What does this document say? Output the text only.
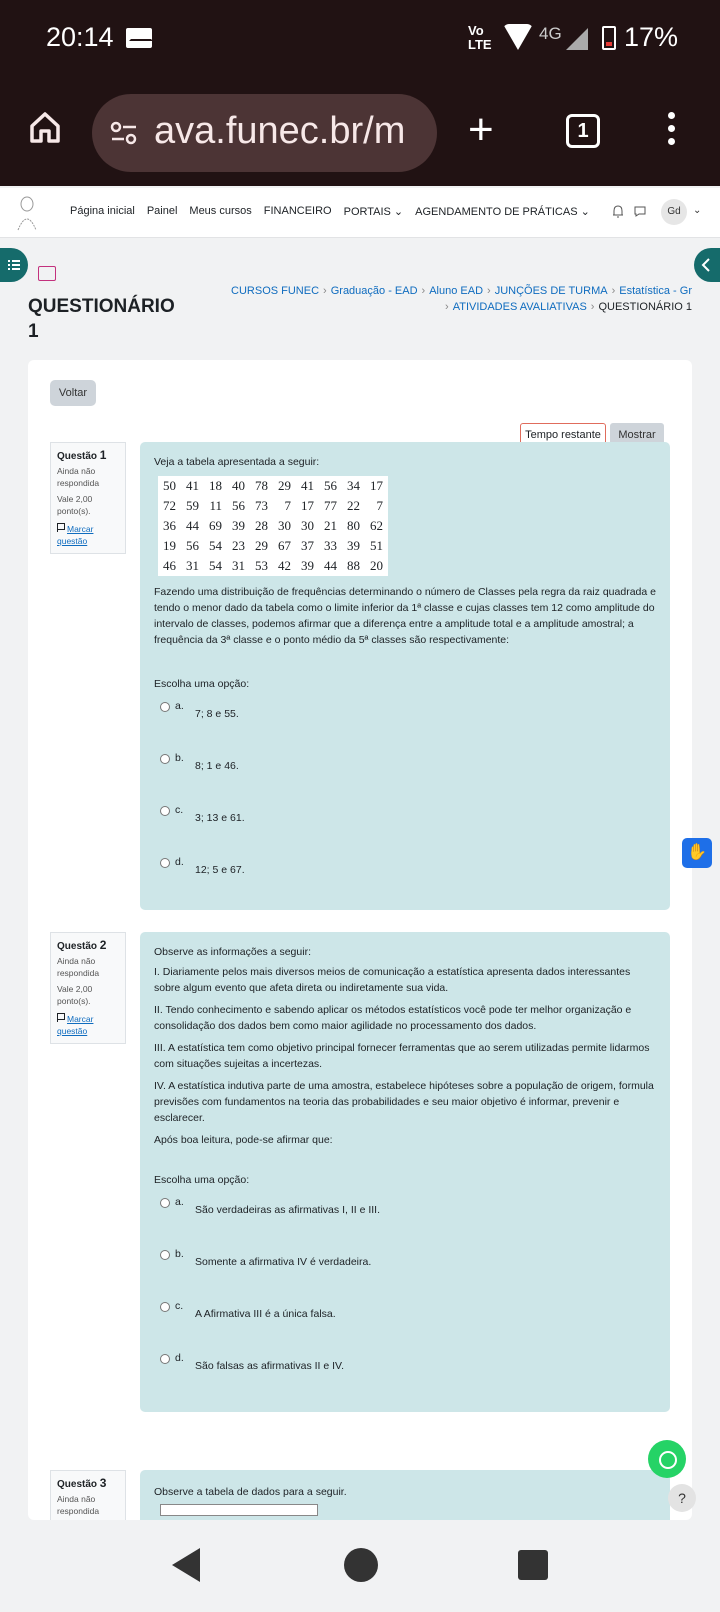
20:14	Vo
LTE
4G 17%
ava.funec.br/m +	1
Página inicial Painel Meus cursos FINANCEIRO PORTAIS ⌄ AGENDAMENTO DE PRÁTICAS ⌄	Gd	⌄
QUESTIONÁRIO 1
CURSOS FUNEC › Graduação - EAD › Aluno EAD › JUNÇÕES DE TURMA › Estatística - Gr
› ATIVIDADES AVALIATIVAS › QUESTIONÁRIO 1
Voltar
Tempo restante	Mostrar
Questão 1
Ainda não respondida
Vale 2,00 ponto(s).
Marcar questão

Veja a tabela apresentada a seguir:

50	41	18	40	78	29	41	56	34	17
72	59	11	56	73	7	17	77	22	7
36	44	69	39	28	30	30	21	80	62
19	56	54	23	29	67	37	33	39	51
46	31	54	31	53	42	39	44	88	20

Fazendo uma distribuição de frequências determinando o número de Classes pela regra da raiz quadrada e tendo o menor dado da tabela como o limite inferior da 1ª classe e cujas classes tem 12 como amplitude do intervalo de classes, podemos afirmar que a diferença entre a amplitude total e a amplitude amostral; a frequência da 3ª classe e o ponto médio da 5ª classes são respectivamente:

Escolha uma opção:
a.
7; 8 e 55.
b.
8; 1 e 46.
c.
3; 13 e 61.
d.
12; 5 e 67.
Questão 2
Ainda não respondida
Vale 2,00 ponto(s).
Marcar questão

Observe as informações a seguir:

I. Diariamente pelos mais diversos meios de comunicação a estatística apresenta dados interessantes sobre algum evento que afeta direta ou indiretamente sua vida.

II. Tendo conhecimento e sabendo aplicar os métodos estatísticos você pode ter melhor organização e consolidação dos dados bem como maior agilidade no processamento dos dados.

III. A estatística tem como objetivo principal fornecer ferramentas que ao serem utilizadas permite lidarmos com situações sujeitas a incertezas.

IV. A estatística indutiva parte de uma amostra, estabelece hipóteses sobre a população de origem, formula previsões com fundamentos na teoria das probabilidades e seu maior objetivo é informar, prevenir e esclarecer.

Após boa leitura, pode-se afirmar que:

Escolha uma opção:
a.
São verdadeiras as afirmativas I, II e III.
b.
Somente a afirmativa IV é verdadeira.
c.
A Afirmativa III é a única falsa.
d.
São falsas as afirmativas II e IV.
Questão 3
Ainda não respondida

Observe a tabela de dados para a seguir.

✋
?
